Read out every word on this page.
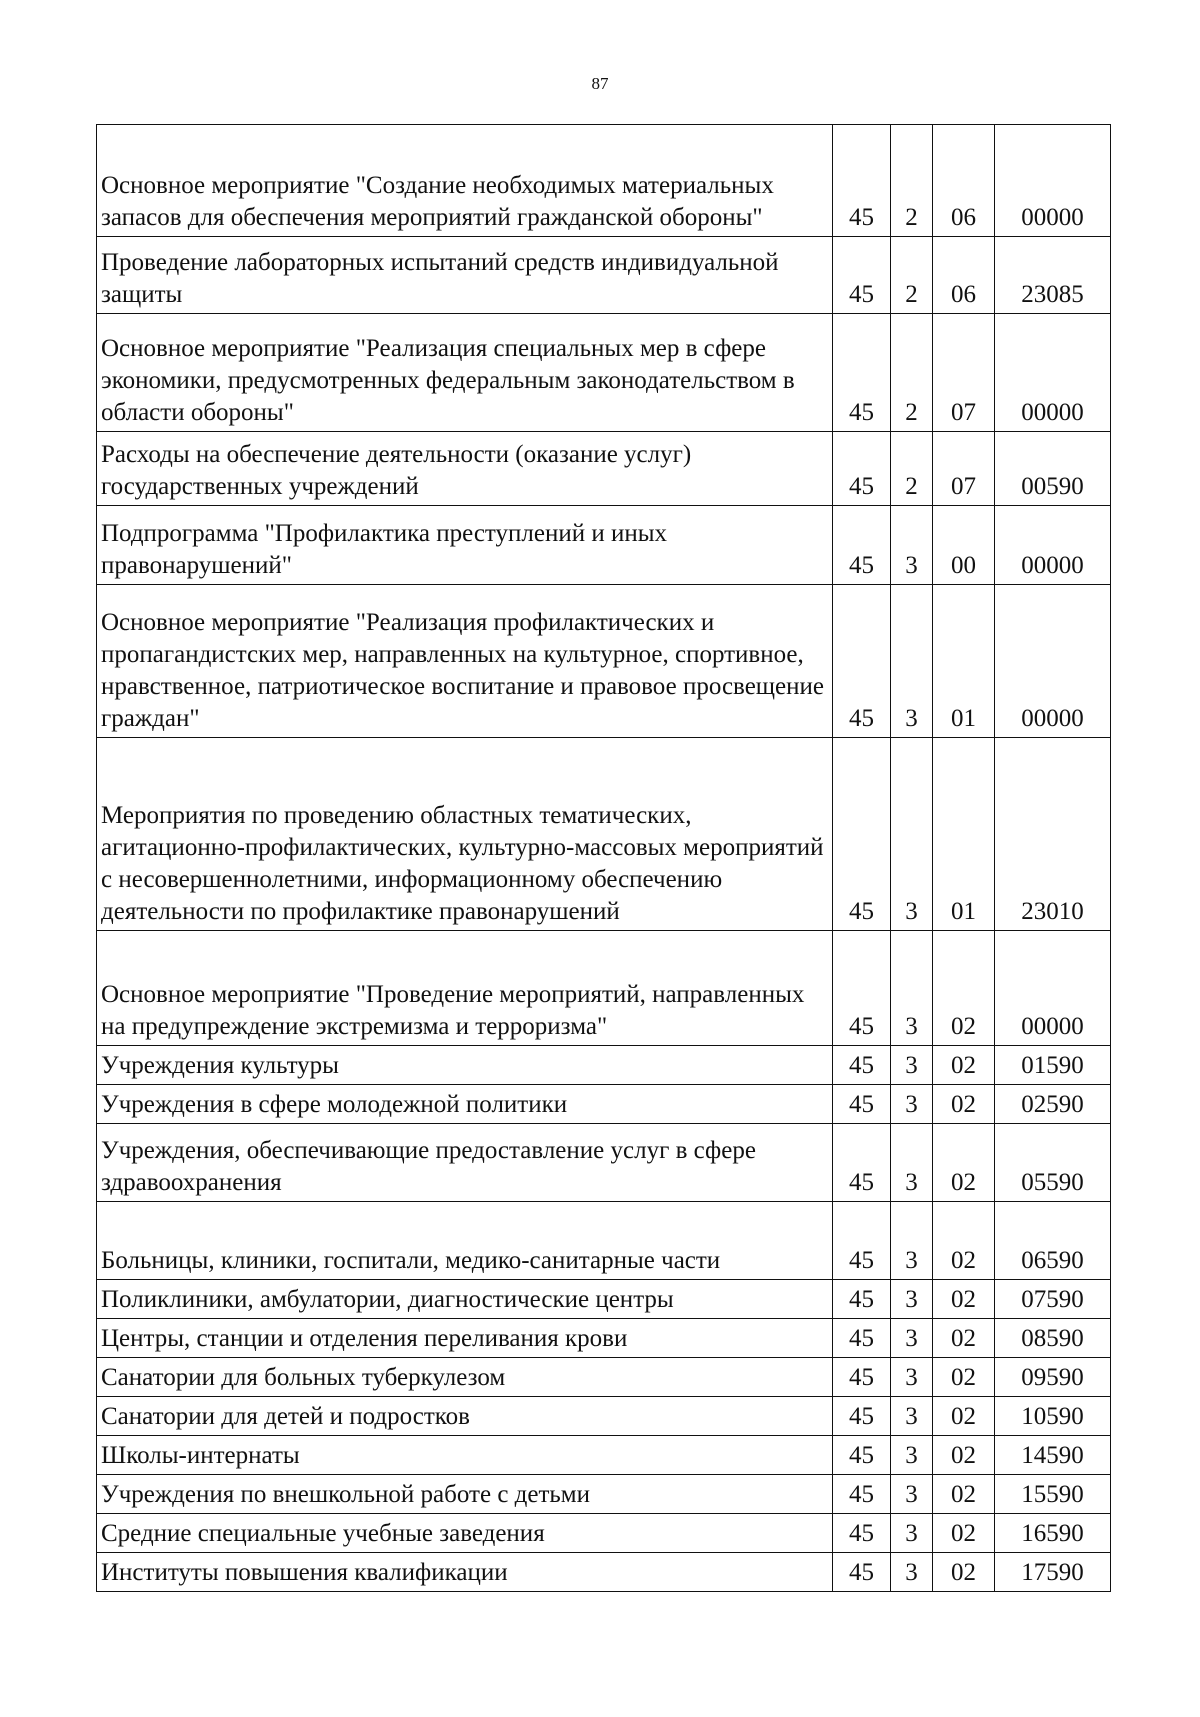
87
Основное мероприятие "Создание необходимых материальных запасов для обеспечения мероприятий гражданской обороны"	45	2	06	00000
Проведение лабораторных испытаний средств индивидуальной защиты	45	2	06	23085
Основное мероприятие "Реализация специальных мер в сфере экономики, предусмотренных федеральным законодательством в области обороны"	45	2	07	00000
Расходы на обеспечение деятельности (оказание услуг) государственных учреждений	45	2	07	00590
Подпрограмма "Профилактика преступлений и иных правонарушений"	45	3	00	00000
Основное мероприятие "Реализация профилактических и пропагандистских мер, направленных на культурное, спортивное, нравственное, патриотическое воспитание и правовое просвещение граждан"	45	3	01	00000
Мероприятия по проведению областных тематических, агитационно-профилактических, культурно-массовых мероприятий с несовершеннолетними, информационному обеспечению деятельности по профилактике правонарушений	45	3	01	23010
Основное мероприятие "Проведение мероприятий, направленных на предупреждение экстремизма и терроризма"	45	3	02	00000
Учреждения культуры	45	3	02	01590
Учреждения в сфере молодежной политики	45	3	02	02590
Учреждения, обеспечивающие предоставление услуг в сфере здравоохранения	45	3	02	05590
Больницы, клиники, госпитали, медико-санитарные части	45	3	02	06590
Поликлиники, амбулатории, диагностические центры	45	3	02	07590
Центры, станции и отделения переливания крови	45	3	02	08590
Санатории для больных туберкулезом	45	3	02	09590
Санатории для детей и подростков	45	3	02	10590
Школы-интернаты	45	3	02	14590
Учреждения по внешкольной работе с детьми	45	3	02	15590
Средние специальные учебные заведения	45	3	02	16590
Институты повышения квалификации	45	3	02	17590
